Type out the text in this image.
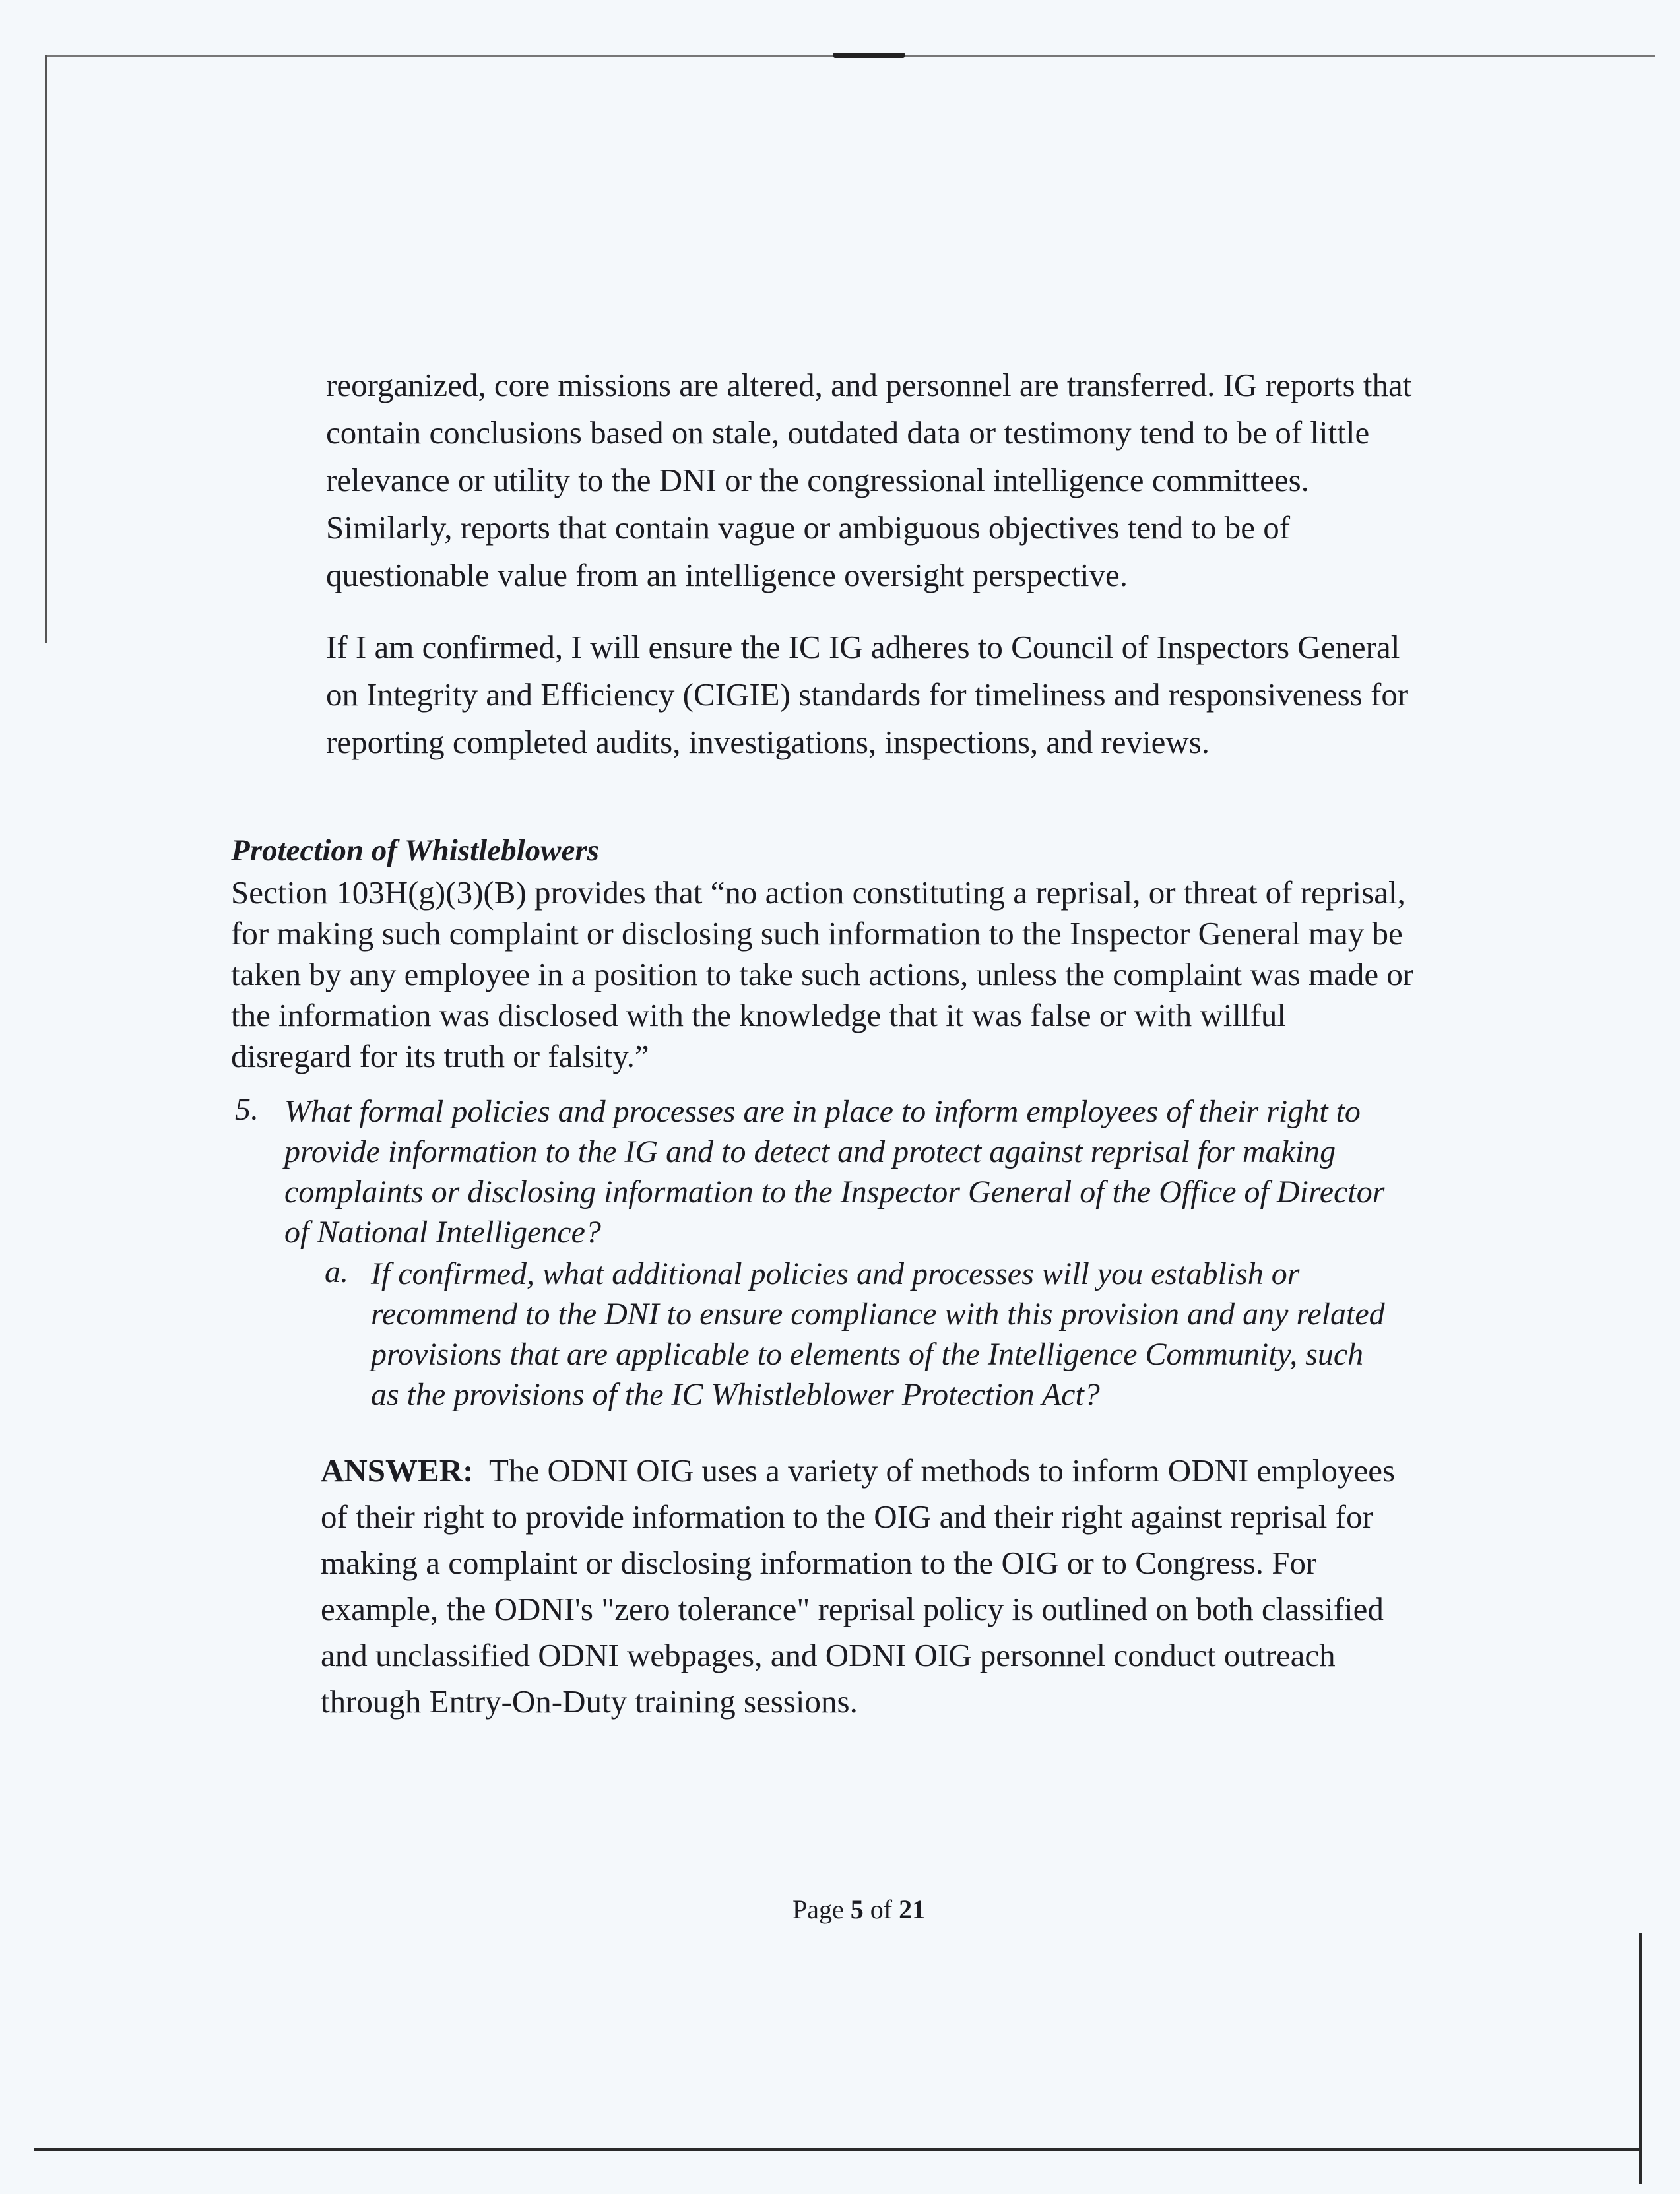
reorganized, core missions are altered, and personnel are transferred. IG reports that
contain conclusions based on stale, outdated data or testimony tend to be of little
relevance or utility to the DNI or the congressional intelligence committees.
Similarly, reports that contain vague or ambiguous objectives tend to be of
questionable value from an intelligence oversight perspective.
If I am confirmed, I will ensure the IC IG adheres to Council of Inspectors General
on Integrity and Efficiency (CIGIE) standards for timeliness and responsiveness for
reporting completed audits, investigations, inspections, and reviews.
Protection of Whistleblowers
Section 103H(g)(3)(B) provides that “no action constituting a reprisal, or threat of reprisal,
for making such complaint or disclosing such information to the Inspector General may be
taken by any employee in a position to take such actions, unless the complaint was made or
the information was disclosed with the knowledge that it was false or with willful
disregard for its truth or falsity.”
5. What formal policies and processes are in place to inform employees of their right to
provide information to the IG and to detect and protect against reprisal for making
complaints or disclosing information to the Inspector General of the Office of Director
of National Intelligence?
a. If confirmed, what additional policies and processes will you establish or
recommend to the DNI to ensure compliance with this provision and any related
provisions that are applicable to elements of the Intelligence Community, such
as the provisions of the IC Whistleblower Protection Act?
ANSWER:  The ODNI OIG uses a variety of methods to inform ODNI employees
of their right to provide information to the OIG and their right against reprisal for
making a complaint or disclosing information to the OIG or to Congress. For
example, the ODNI's "zero tolerance" reprisal policy is outlined on both classified
and unclassified ODNI webpages, and ODNI OIG personnel conduct outreach
through Entry-On-Duty training sessions.
Page 5 of 21
